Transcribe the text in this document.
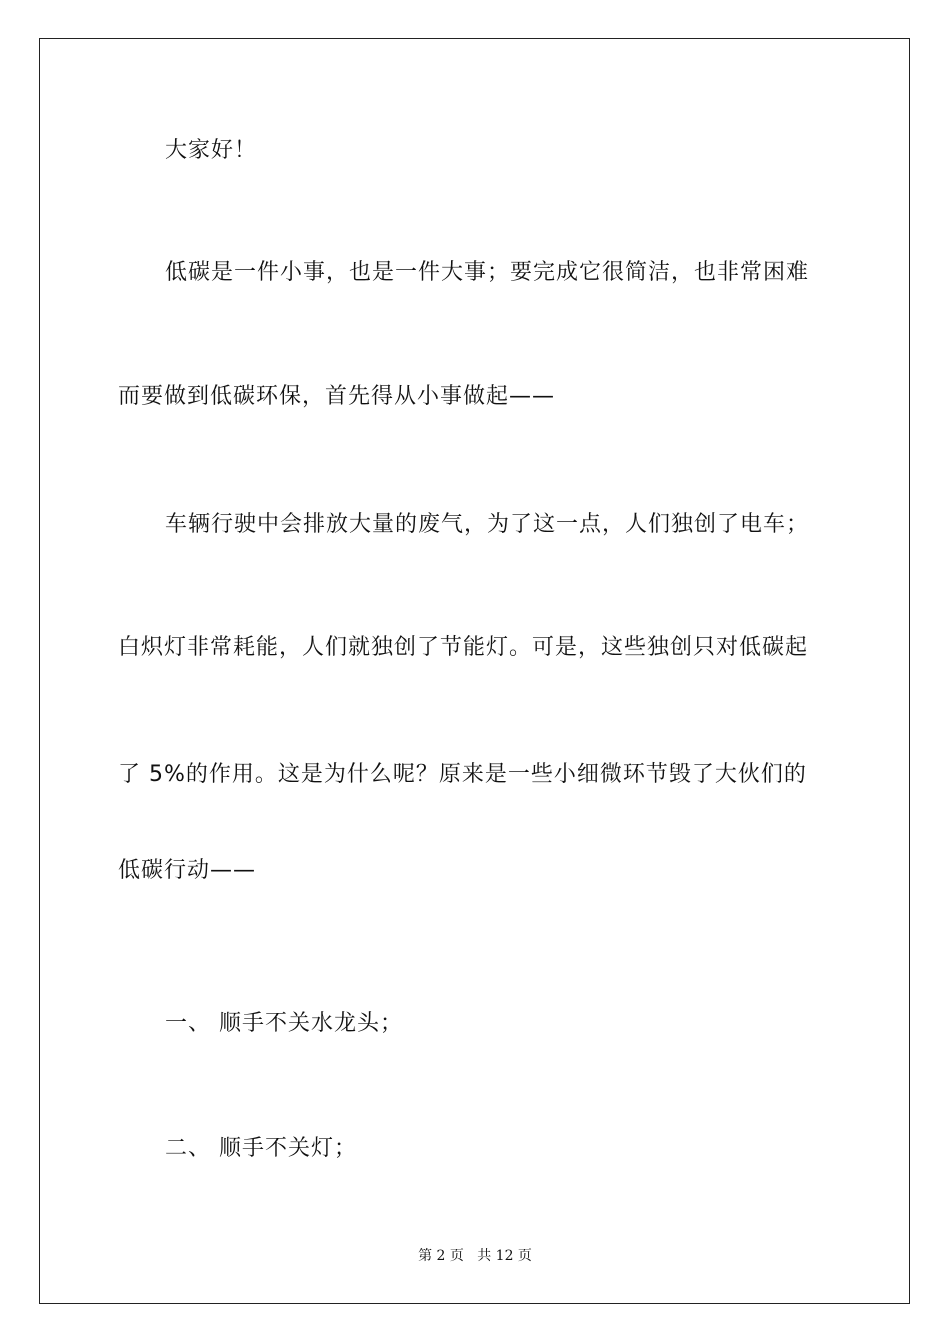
大家好！
低碳是一件小事，也是一件大事；要完成它很简洁，也非常困难
而要做到低碳环保，首先得从小事做起——
车辆行驶中会排放大量的废气，为了这一点，人们独创了电车；
白炽灯非常耗能，人们就独创了节能灯。可是，这些独创只对低碳起
了 5%的作用。这是为什么呢？原来是一些小细微环节毁了大伙们的
低碳行动——
一、 顺手不关水龙头；
二、 顺手不关灯；
第 2 页   共 12 页
